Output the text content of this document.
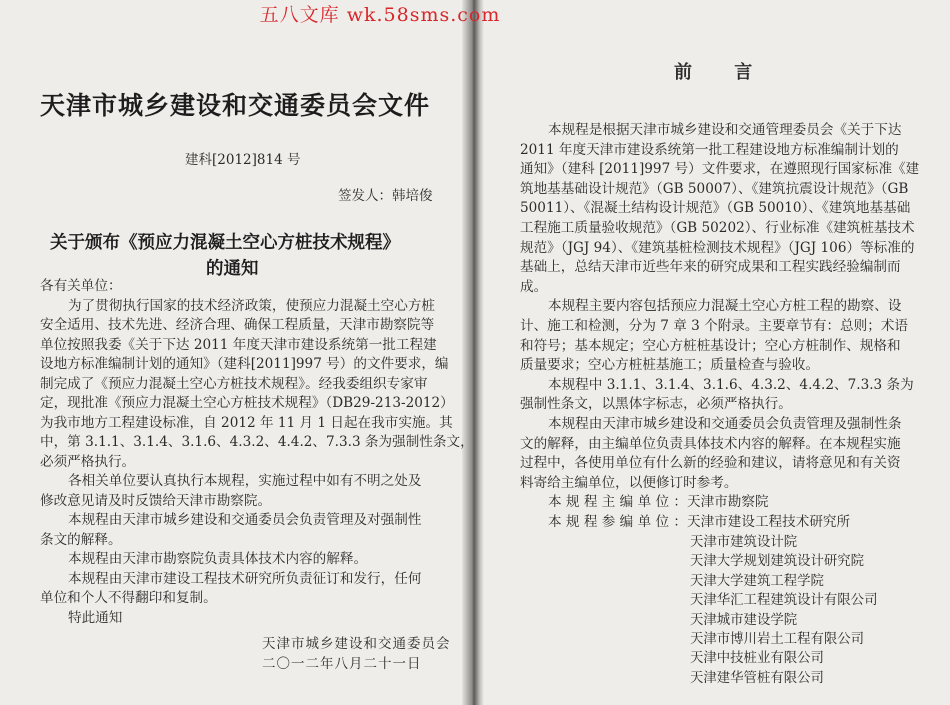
五八文库 wk.58sms.com
天津市城乡建设和交通委员会文件
建科[2012]814 号
签发人：韩培俊
关于颁布《预应力混凝土空心方桩技术规程》
的通知
各有关单位：
为了贯彻执行国家的技术经济政策，使预应力混凝土空心方桩
安全适用、技术先进、经济合理、确保工程质量，天津市勘察院等
单位按照我委《关于下达 2011 年度天津市建设系统第一批工程建
设地方标准编制计划的通知》（建科[2011]997 号）的文件要求，编
制完成了《预应力混凝土空心方桩技术规程》。经我委组织专家审
定，现批准《预应力混凝土空心方桩技术规程》（DB29-213-2012）
为我市地方工程建设标准，自 2012 年 11 月 1 日起在我市实施。其
中，第 3.1.1、3.1.4、3.1.6、4.3.2、4.4.2、7.3.3 条为强制性条文，
必须严格执行。
各相关单位要认真执行本规程，实施过程中如有不明之处及
修改意见请及时反馈给天津市勘察院。
本规程由天津市城乡建设和交通委员会负责管理及对强制性
条文的解释。
本规程由天津市勘察院负责具体技术内容的解释。
本规程由天津市建设工程技术研究所负责征订和发行，任何
单位和个人不得翻印和复制。
特此通知
天津市城乡建设和交通委员会
二〇一二年八月二十一日
前 言
本规程是根据天津市城乡建设和交通管理委员会《关于下达
2011 年度天津市建设系统第一批工程建设地方标准编制计划的
通知》（建科 [2011]997 号）文件要求，在遵照现行国家标准《建
筑地基基础设计规范》（GB 50007）、《建筑抗震设计规范》（GB
50011）、《混凝土结构设计规范》（GB 50010）、《建筑地基基础
工程施工质量验收规范》（GB 50202）、行业标准《建筑桩基技术
规范》（JGJ 94）、《建筑基桩检测技术规程》（JGJ 106）等标准的
基础上，总结天津市近些年来的研究成果和工程实践经验编制而
成。
本规程主要内容包括预应力混凝土空心方桩工程的勘察、设
计、施工和检测，分为 7 章 3 个附录。主要章节有：总则；术语
和符号；基本规定；空心方桩桩基设计；空心方桩制作、规格和
质量要求；空心方桩桩基施工；质量检查与验收。
本规程中 3.1.1、3.1.4、3.1.6、4.3.2、4.4.2、7.3.3 条为
强制性条文，以黑体字标志，必须严格执行。
本规程由天津市城乡建设和交通委员会负责管理及强制性条
文的解释，由主编单位负责具体技术内容的解释。在本规程实施
过程中，各使用单位有什么新的经验和建议，请将意见和有关资
料寄给主编单位，以便修订时参考。
本 规 程 主 编 单 位 ：天津市勘察院
本 规 程 参 编 单 位 ：天津市建设工程技术研究所
天津市建筑设计院
天津大学规划建筑设计研究院
天津大学建筑工程学院
天津华汇工程建筑设计有限公司
天津城市建设学院
天津市博川岩土工程有限公司
天津中技桩业有限公司
天津建华管桩有限公司
